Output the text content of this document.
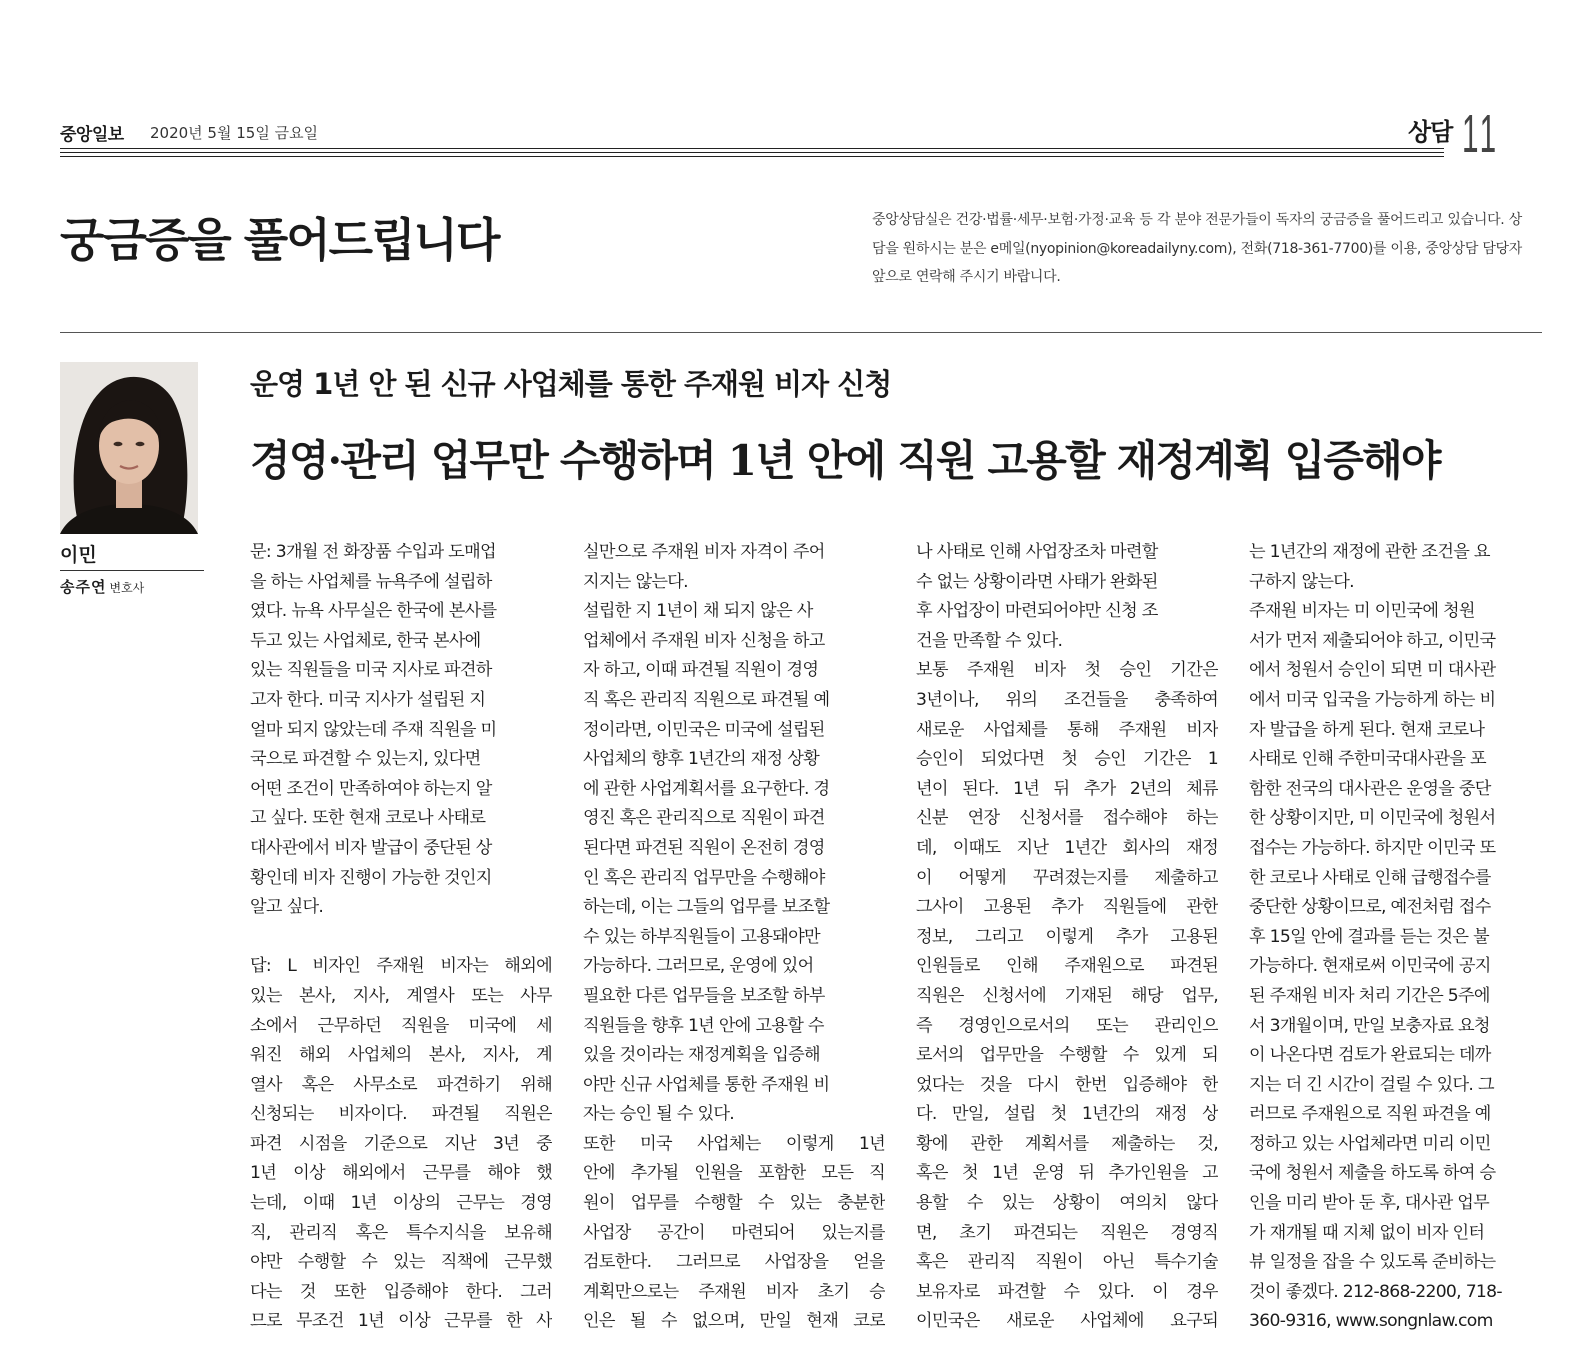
중앙일보 2020년 5월 15일 금요일	상담 11
궁금증을 풀어드립니다	중앙상담실은 건강·법률·세무·보험·가정·교육 등 각 분야 전문가들이 독자의 궁금증을 풀어드리고 있습니다. 상담을 원하시는 분은 e메일(nyopinion@koreadailyny.com), 전화(718-361-7700)를 이용, 중앙상담 담당자 앞으로 연락해 주시기 바랍니다.
이민
송주연 변호사
운영 1년 안 된 신규 사업체를 통한 주재원 비자 신청
경영·관리 업무만 수행하며 1년 안에 직원 고용할 재정계획 입증해야

문: 3개월 전 화장품 수입과 도매업
을 하는 사업체를 뉴욕주에 설립하
였다. 뉴욕 사무실은 한국에 본사를
두고 있는 사업체로, 한국 본사에
있는 직원들을 미국 지사로 파견하
고자 한다. 미국 지사가 설립된 지
얼마 되지 않았는데 주재 직원을 미
국으로 파견할 수 있는지, 있다면
어떤 조건이 만족하여야 하는지 알
고 싶다. 또한 현재 코로나 사태로
대사관에서 비자 발급이 중단된 상
황인데 비자 진행이 가능한 것인지
알고 싶다.

답: L 비자인 주재원 비자는 해외에
있는 본사, 지사, 계열사 또는 사무
소에서 근무하던 직원을 미국에 세
워진 해외 사업체의 본사, 지사, 계
열사 혹은 사무소로 파견하기 위해
신청되는 비자이다. 파견될 직원은
파견 시점을 기준으로 지난 3년 중
1년 이상 해외에서 근무를 해야 했
는데, 이때 1년 이상의 근무는 경영
직, 관리직 혹은 특수지식을 보유해
야만 수행할 수 있는 직책에 근무했
다는 것 또한 입증해야 한다. 그러
므로 무조건 1년 이상 근무를 한 사

실만으로 주재원 비자 자격이 주어
지지는 않는다.

설립한 지 1년이 채 되지 않은 사
업체에서 주재원 비자 신청을 하고
자 하고, 이때 파견될 직원이 경영
직 혹은 관리직 직원으로 파견될 예
정이라면, 이민국은 미국에 설립된
사업체의 향후 1년간의 재정 상황
에 관한 사업계획서를 요구한다. 경
영진 혹은 관리직으로 직원이 파견
된다면 파견된 직원이 온전히 경영
인 혹은 관리직 업무만을 수행해야
하는데, 이는 그들의 업무를 보조할
수 있는 하부직원들이 고용돼야만
가능하다. 그러므로, 운영에 있어
필요한 다른 업무들을 보조할 하부
직원들을 향후 1년 안에 고용할 수
있을 것이라는 재정계획을 입증해
야만 신규 사업체를 통한 주재원 비
자는 승인 될 수 있다.

또한 미국 사업체는 이렇게 1년
안에 추가될 인원을 포함한 모든 직
원이 업무를 수행할 수 있는 충분한
사업장 공간이 마련되어 있는지를
검토한다. 그러므로 사업장을 얻을
계획만으로는 주재원 비자 초기 승
인은 될 수 없으며, 만일 현재 코로

나 사태로 인해 사업장조차 마련할
수 없는 상황이라면 사태가 완화된
후 사업장이 마련되어야만 신청 조
건을 만족할 수 있다.

보통 주재원 비자 첫 승인 기간은
3년이나, 위의 조건들을 충족하여
새로운 사업체를 통해 주재원 비자
승인이 되었다면 첫 승인 기간은 1
년이 된다. 1년 뒤 추가 2년의 체류
신분 연장 신청서를 접수해야 하는
데, 이때도 지난 1년간 회사의 재정
이 어떻게 꾸려졌는지를 제출하고
그사이 고용된 추가 직원들에 관한
정보, 그리고 이렇게 추가 고용된
인원들로 인해 주재원으로 파견된
직원은 신청서에 기재된 해당 업무,
즉 경영인으로서의 또는 관리인으
로서의 업무만을 수행할 수 있게 되
었다는 것을 다시 한번 입증해야 한
다. 만일, 설립 첫 1년간의 재정 상
황에 관한 계획서를 제출하는 것,
혹은 첫 1년 운영 뒤 추가인원을 고
용할 수 있는 상황이 여의치 않다
면, 초기 파견되는 직원은 경영직
혹은 관리직 직원이 아닌 특수기술
보유자로 파견할 수 있다. 이 경우
이민국은 새로운 사업체에 요구되

는 1년간의 재정에 관한 조건을 요
구하지 않는다.

주재원 비자는 미 이민국에 청원
서가 먼저 제출되어야 하고, 이민국
에서 청원서 승인이 되면 미 대사관
에서 미국 입국을 가능하게 하는 비
자 발급을 하게 된다. 현재 코로나
사태로 인해 주한미국대사관을 포
함한 전국의 대사관은 운영을 중단
한 상황이지만, 미 이민국에 청원서
접수는 가능하다. 하지만 이민국 또
한 코로나 사태로 인해 급행접수를
중단한 상황이므로, 예전처럼 접수
후 15일 안에 결과를 듣는 것은 불
가능하다. 현재로써 이민국에 공지
된 주재원 비자 처리 기간은 5주에
서 3개월이며, 만일 보충자료 요청
이 나온다면 검토가 완료되는 데까
지는 더 긴 시간이 걸릴 수 있다. 그
러므로 주재원으로 직원 파견을 예
정하고 있는 사업체라면 미리 이민
국에 청원서 제출을 하도록 하여 승
인을 미리 받아 둔 후, 대사관 업무
가 재개될 때 지체 없이 비자 인터
뷰 일정을 잡을 수 있도록 준비하는
것이 좋겠다. 212-868-2200, 718-
360-9316, www.songnlaw.com
